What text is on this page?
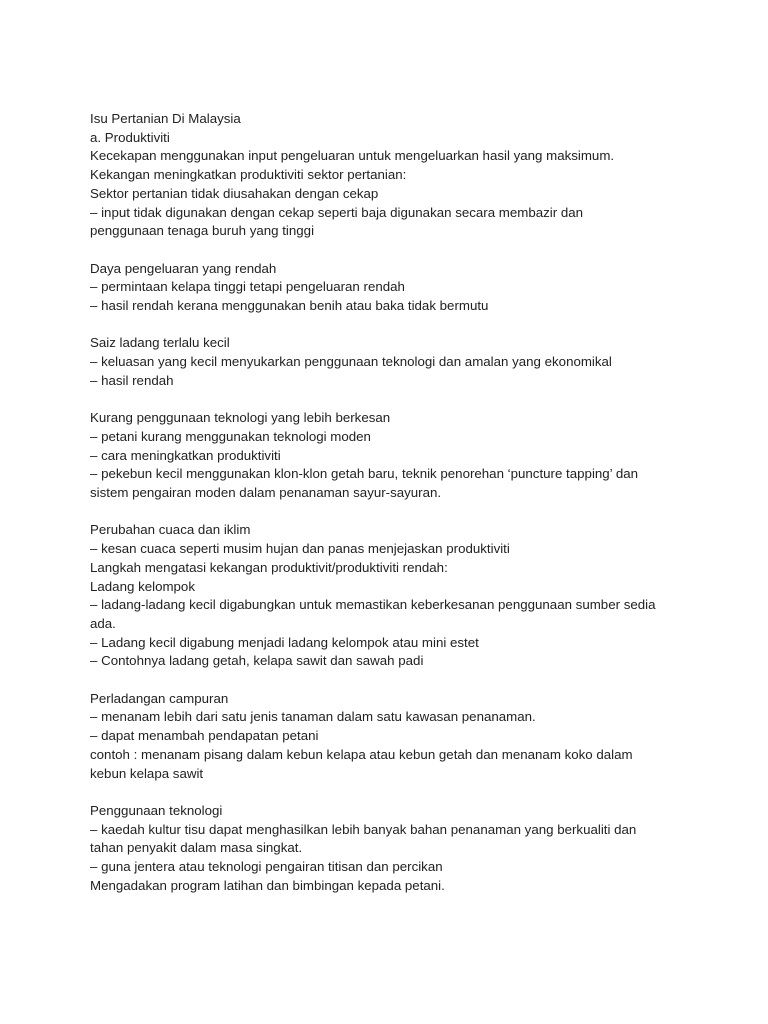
Isu Pertanian Di Malaysia
a. Produktiviti
Kecekapan menggunakan input pengeluaran untuk mengeluarkan hasil yang maksimum.
Kekangan meningkatkan produktiviti sektor pertanian:
Sektor pertanian tidak diusahakan dengan cekap
– input tidak digunakan dengan cekap seperti baja digunakan secara membazir dan
penggunaan tenaga buruh yang tinggi
Daya pengeluaran yang rendah
– permintaan kelapa tinggi tetapi pengeluaran rendah
– hasil rendah kerana menggunakan benih atau baka tidak bermutu
Saiz ladang terlalu kecil
– keluasan yang kecil menyukarkan penggunaan teknologi dan amalan yang ekonomikal
– hasil rendah
Kurang penggunaan teknologi yang lebih berkesan
– petani kurang menggunakan teknologi moden
– cara meningkatkan produktiviti
– pekebun kecil menggunakan klon-klon getah baru, teknik penorehan ‘puncture tapping’ dan
sistem pengairan moden dalam penanaman sayur-sayuran.
Perubahan cuaca dan iklim
– kesan cuaca seperti musim hujan dan panas menjejaskan produktiviti
Langkah mengatasi kekangan produktivit/produktiviti rendah:
Ladang kelompok
– ladang-ladang kecil digabungkan untuk memastikan keberkesanan penggunaan sumber sedia
ada.
– Ladang kecil digabung menjadi ladang kelompok atau mini estet
– Contohnya ladang getah, kelapa sawit dan sawah padi
Perladangan campuran
– menanam lebih dari satu jenis tanaman dalam satu kawasan penanaman.
– dapat menambah pendapatan petani
contoh : menanam pisang dalam kebun kelapa atau kebun getah dan menanam koko dalam
kebun kelapa sawit
Penggunaan teknologi
– kaedah kultur tisu dapat menghasilkan lebih banyak bahan penanaman yang berkualiti dan
tahan penyakit dalam masa singkat.
– guna jentera atau teknologi pengairan titisan dan percikan
Mengadakan program latihan dan bimbingan kepada petani.
